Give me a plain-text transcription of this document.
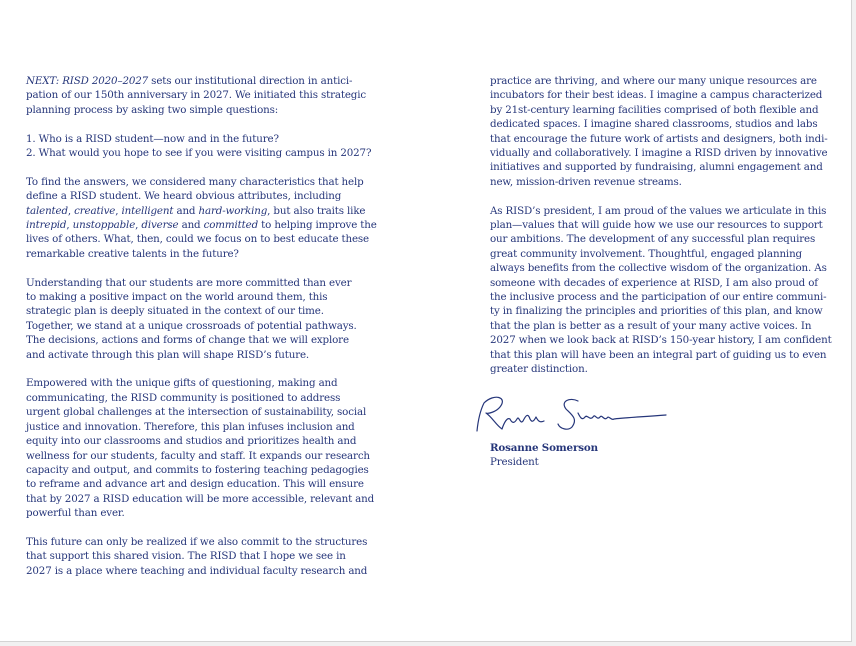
NEXT: RISD 2020–2027 sets our institutional direction in antici-
pation of our 150th anniversary in 2027. We initiated this strategic
planning process by asking two simple questions:

1. Who is a RISD student—now and in the future?
2. What would you hope to see if you were visiting campus in 2027?

To find the answers, we considered many characteristics that help
define a RISD student. We heard obvious attributes, including
talented, creative, intelligent and hard-working, but also traits like
intrepid, unstoppable, diverse and committed to helping improve the
lives of others. What, then, could we focus on to best educate these
remarkable creative talents in the future?

Understanding that our students are more committed than ever
to making a positive impact on the world around them, this
strategic plan is deeply situated in the context of our time.
Together, we stand at a unique crossroads of potential pathways.
The decisions, actions and forms of change that we will explore
and activate through this plan will shape RISD’s future.

Empowered with the unique gifts of questioning, making and
communicating, the RISD community is positioned to address
urgent global challenges at the intersection of sustainability, social
justice and innovation. Therefore, this plan infuses inclusion and
equity into our classrooms and studios and prioritizes health and
wellness for our students, faculty and staff. It expands our research
capacity and output, and commits to fostering teaching pedagogies
to reframe and advance art and design education. This will ensure
that by 2027 a RISD education will be more accessible, relevant and
powerful than ever.

This future can only be realized if we also commit to the structures
that support this shared vision. The RISD that I hope we see in
2027 is a place where teaching and individual faculty research and

practice are thriving, and where our many unique resources are
incubators for their best ideas. I imagine a campus characterized
by 21st-century learning facilities comprised of both flexible and
dedicated spaces. I imagine shared classrooms, studios and labs
that encourage the future work of artists and designers, both indi-
vidually and collaboratively. I imagine a RISD driven by innovative
initiatives and supported by fundraising, alumni engagement and
new, mission-driven revenue streams.

As RISD’s president, I am proud of the values we articulate in this
plan—values that will guide how we use our resources to support
our ambitions. The development of any successful plan requires
great community involvement. Thoughtful, engaged planning
always benefits from the collective wisdom of the organization. As
someone with decades of experience at RISD, I am also proud of
the inclusive process and the participation of our entire communi-
ty in finalizing the principles and priorities of this plan, and know
that the plan is better as a result of your many active voices. In
2027 when we look back at RISD’s 150-year history, I am confident
that this plan will have been an integral part of guiding us to even
greater distinction.

Rosanne Somerson
President
